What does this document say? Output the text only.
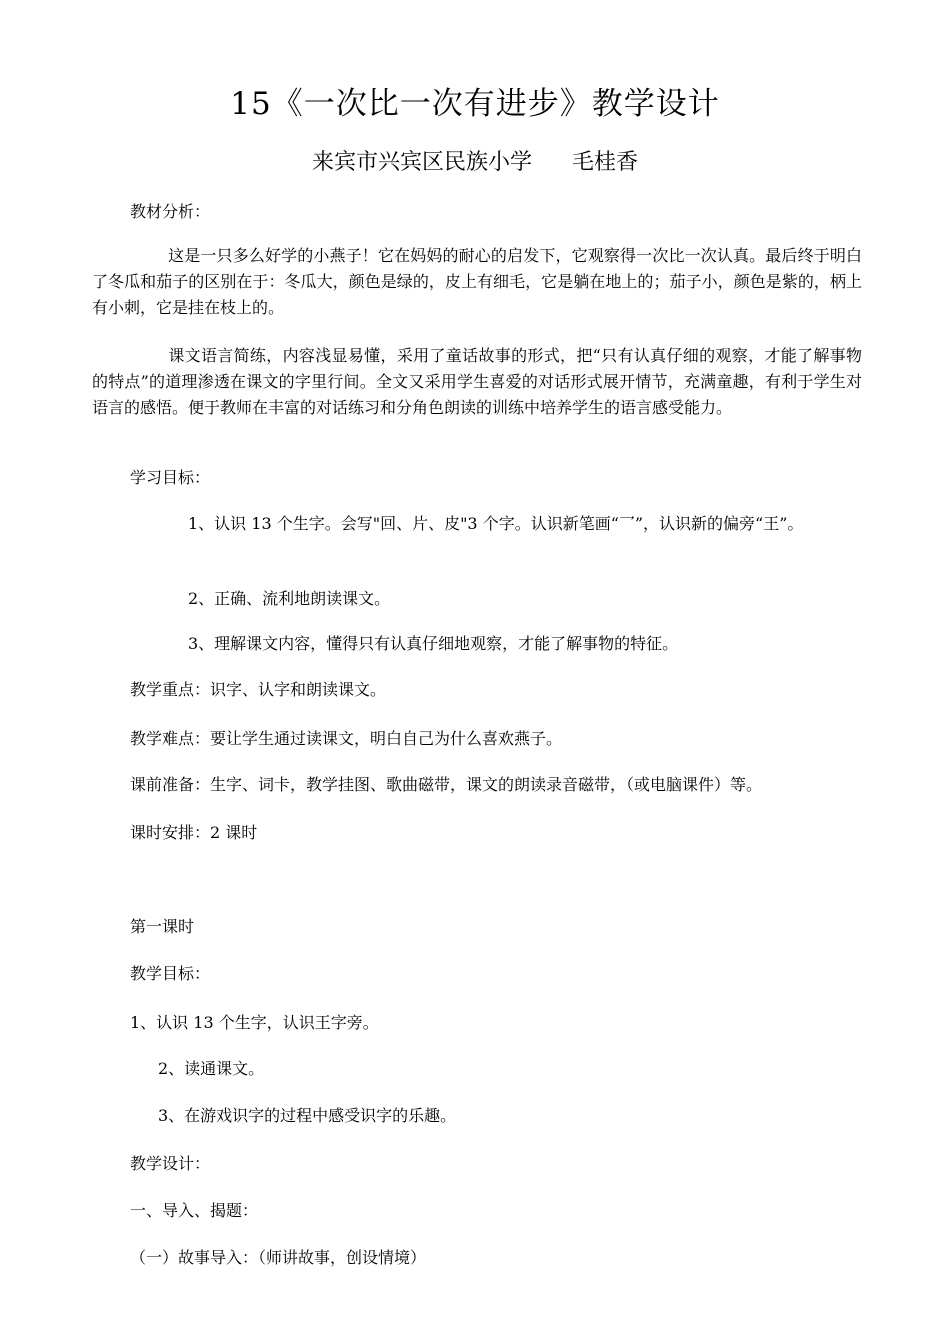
15《一次比一次有进步》教学设计
来宾市兴宾区民族小学 毛桂香
教材分析：
这是一只多么好学的小燕子！它在妈妈的耐心的启发下，它观察得一次比一次认真。最后终于明白了冬瓜和茄子的区别在于：冬瓜大，颜色是绿的，皮上有细毛，它是躺在地上的；茄子小，颜色是紫的，柄上有小刺，它是挂在枝上的。
课文语言简练，内容浅显易懂，采用了童话故事的形式，把“只有认真仔细的观察，才能了解事物的特点”的道理渗透在课文的字里行间。全文又采用学生喜爱的对话形式展开情节，充满童趣，有利于学生对语言的感悟。便于教师在丰富的对话练习和分角色朗读的训练中培养学生的语言感受能力。
学习目标：
1、认识 13 个生字。会写"回、片、皮"3 个字。认识新笔画“乛”，认识新的偏旁“王”。
2、正确、流利地朗读课文。
3、理解课文内容，懂得只有认真仔细地观察，才能了解事物的特征。
教学重点：识字、认字和朗读课文。
教学难点：要让学生通过读课文，明白自己为什么喜欢燕子。
课前准备：生字、词卡，教学挂图、歌曲磁带，课文的朗读录音磁带，（或电脑课件）等。
课时安排：2 课时
第一课时
教学目标：
1、认识 13 个生字，认识王字旁。
2、读通课文。
3、在游戏识字的过程中感受识字的乐趣。
教学设计：
一、导入、揭题：
（一）故事导入：（师讲故事，创设情境）
